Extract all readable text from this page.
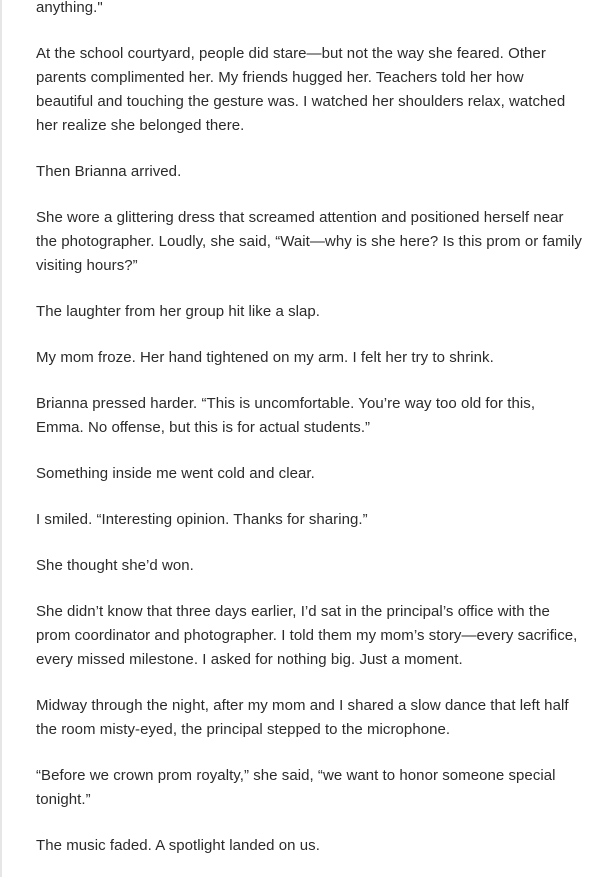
anything."

At the school courtyard, people did stare—but not the way she feared. Other parents complimented her. My friends hugged her. Teachers told her how beautiful and touching the gesture was. I watched her shoulders relax, watched her realize she belonged there.

Then Brianna arrived.

She wore a glittering dress that screamed attention and positioned herself near the photographer. Loudly, she said, “Wait—why is she here? Is this prom or family visiting hours?”

The laughter from her group hit like a slap.

My mom froze. Her hand tightened on my arm. I felt her try to shrink.

Brianna pressed harder. “This is uncomfortable. You’re way too old for this, Emma. No offense, but this is for actual students.”

Something inside me went cold and clear.

I smiled. “Interesting opinion. Thanks for sharing.”

She thought she’d won.

She didn’t know that three days earlier, I’d sat in the principal’s office with the prom coordinator and photographer. I told them my mom’s story—every sacrifice, every missed milestone. I asked for nothing big. Just a moment.

Midway through the night, after my mom and I shared a slow dance that left half the room misty-eyed, the principal stepped to the microphone.

“Before we crown prom royalty,” she said, “we want to honor someone special tonight.”

The music faded. A spotlight landed on us.
